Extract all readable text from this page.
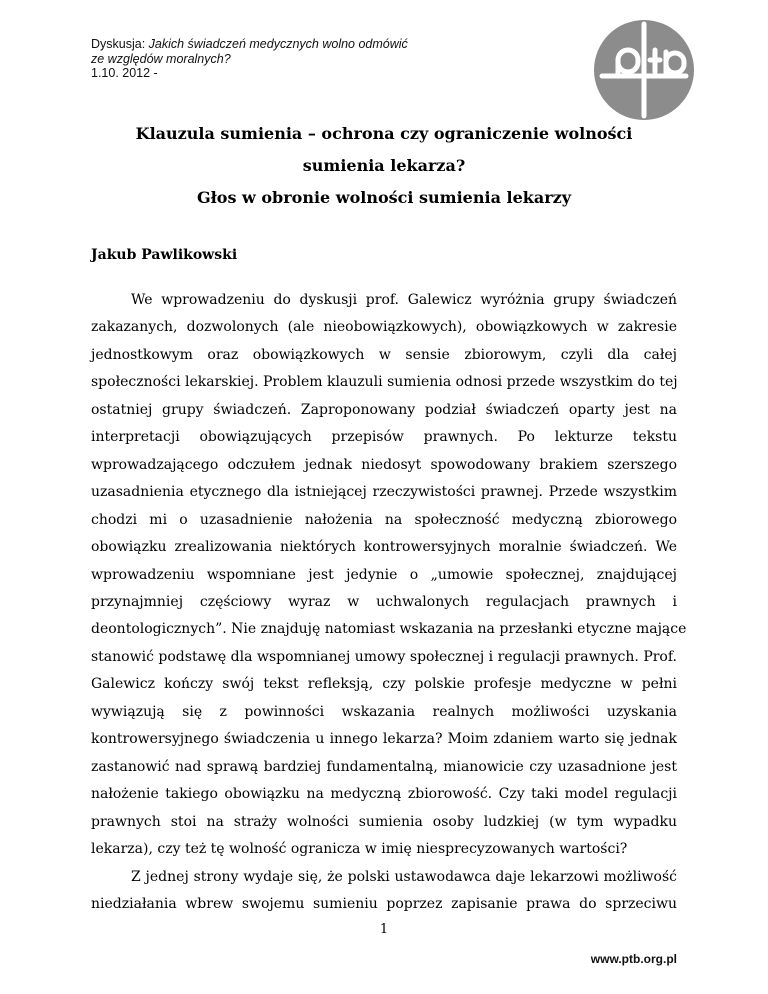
Dyskusja: Jakich świadczeń medycznych wolno odmówić
ze względów moralnych?
1.10. 2012 -
Klauzula sumienia – ochrona czy ograniczenie wolności
sumienia lekarza?
Głos w obronie wolności sumienia lekarzy
Jakub Pawlikowski
We wprowadzeniu do dyskusji prof. Galewicz wyróżnia grupy świadczeń
zakazanych, dozwolonych (ale nieobowiązkowych), obowiązkowych w zakresie
jednostkowym oraz obowiązkowych w sensie zbiorowym, czyli dla całej
społeczności lekarskiej. Problem klauzuli sumienia odnosi przede wszystkim do tej
ostatniej grupy świadczeń. Zaproponowany podział świadczeń oparty jest na
interpretacji obowiązujących przepisów prawnych. Po lekturze tekstu
wprowadzającego odczułem jednak niedosyt spowodowany brakiem szerszego
uzasadnienia etycznego dla istniejącej rzeczywistości prawnej. Przede wszystkim
chodzi mi o uzasadnienie nałożenia na społeczność medyczną zbiorowego
obowiązku zrealizowania niektórych kontrowersyjnych moralnie świadczeń. We
wprowadzeniu wspomniane jest jedynie o „umowie społecznej, znajdującej
przynajmniej częściowy wyraz w uchwalonych regulacjach prawnych i
deontologicznych”. Nie znajduję natomiast wskazania na przesłanki etyczne mające
stanowić podstawę dla wspomnianej umowy społecznej i regulacji prawnych. Prof.
Galewicz kończy swój tekst refleksją, czy polskie profesje medyczne w pełni
wywiązują się z powinności wskazania realnych możliwości uzyskania
kontrowersyjnego świadczenia u innego lekarza? Moim zdaniem warto się jednak
zastanowić nad sprawą bardziej fundamentalną, mianowicie czy uzasadnione jest
nałożenie takiego obowiązku na medyczną zbiorowość. Czy taki model regulacji
prawnych stoi na straży wolności sumienia osoby ludzkiej (w tym wypadku
lekarza), czy też tę wolność ogranicza w imię niesprecyzowanych wartości?
Z jednej strony wydaje się, że polski ustawodawca daje lekarzowi możliwość
niedziałania wbrew swojemu sumieniu poprzez zapisanie prawa do sprzeciwu
1
www.ptb.org.pl
